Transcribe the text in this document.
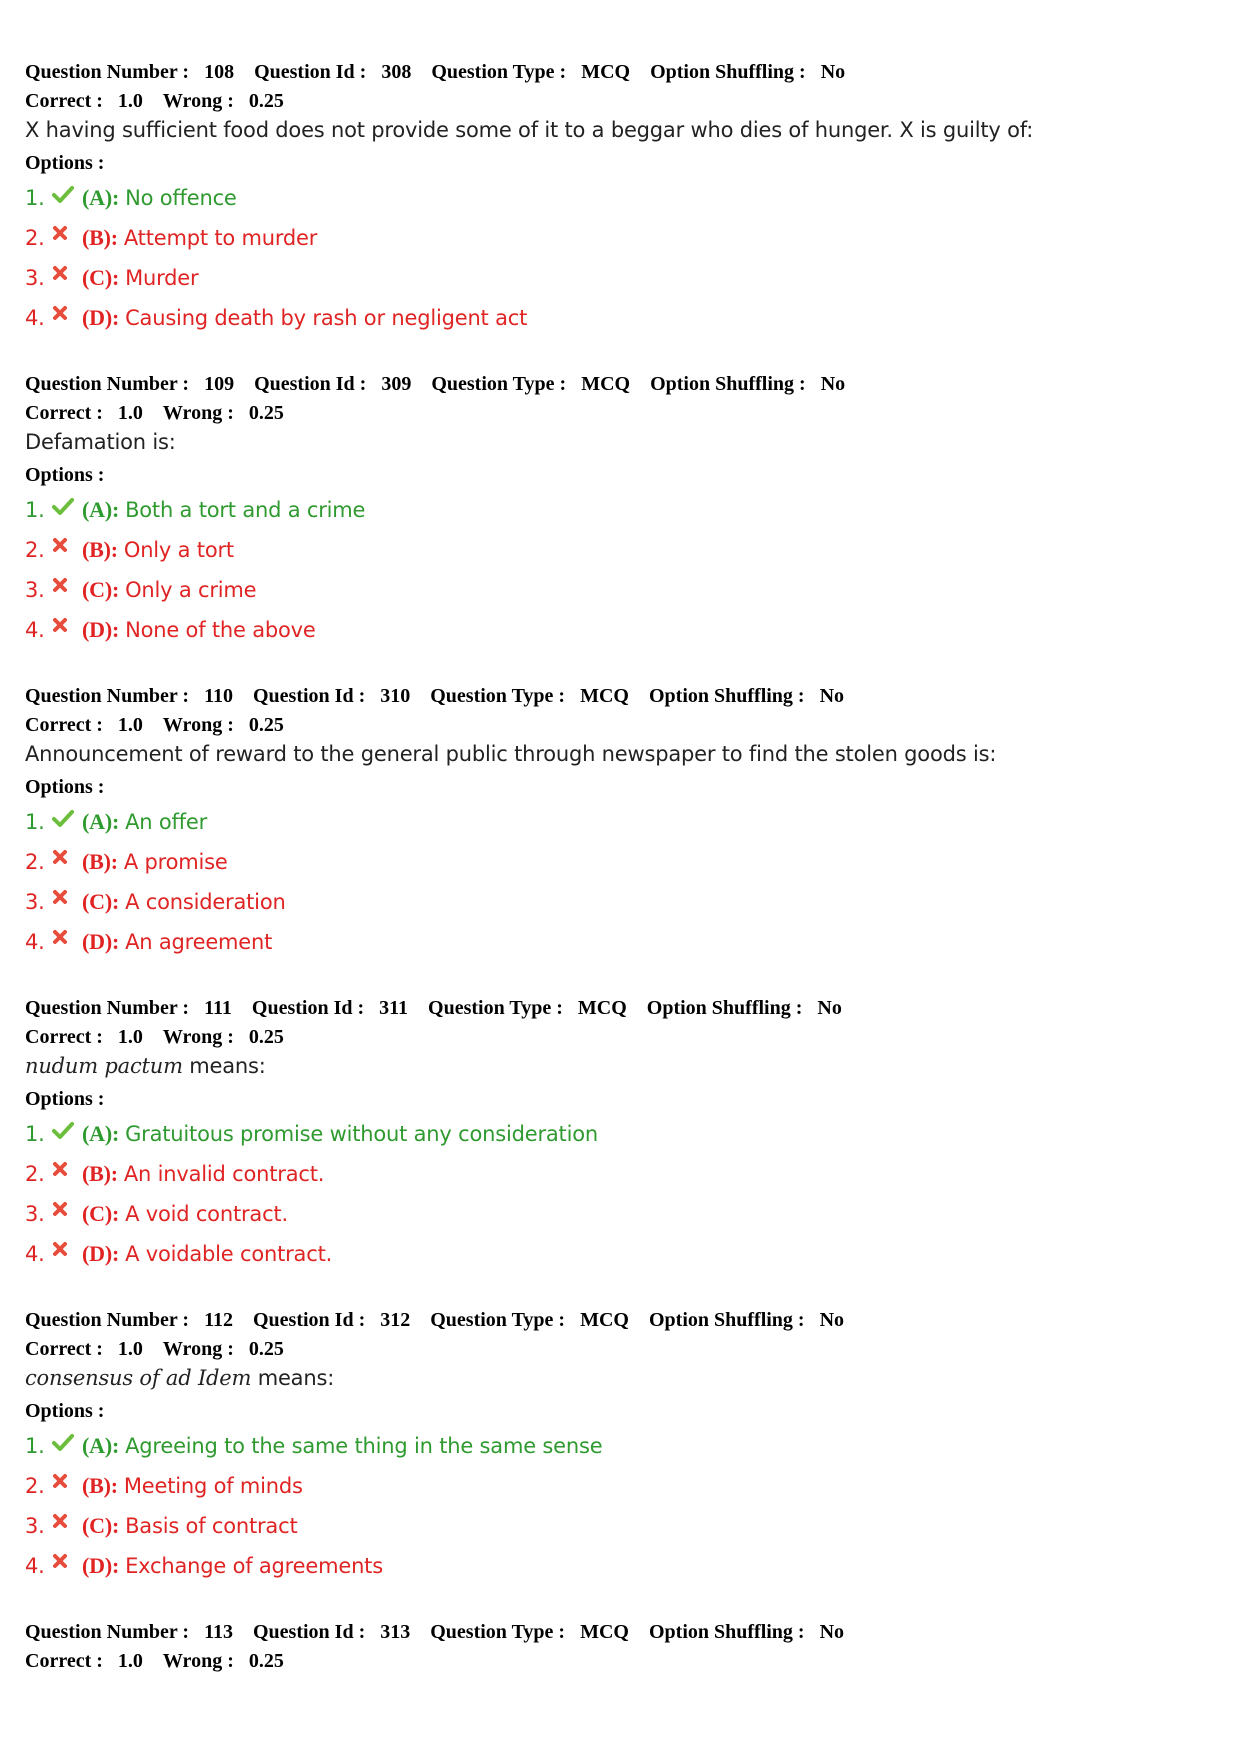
Question Number : 108 Question Id : 308 Question Type : MCQ Option Shuffling : No
Correct : 1.0 Wrong : 0.25
X having sufficient food does not provide some of it to a beggar who dies of hunger. X is guilty of:
Options :
1.	(A): No offence
2.	(B): Attempt to murder
3.	(C): Murder
4.	(D): Causing death by rash or negligent act
Question Number : 109 Question Id : 309 Question Type : MCQ Option Shuffling : No
Correct : 1.0 Wrong : 0.25
Defamation is:
Options :
1.	(A): Both a tort and a crime
2.	(B): Only a tort
3.	(C): Only a crime
4.	(D): None of the above
Question Number : 110 Question Id : 310 Question Type : MCQ Option Shuffling : No
Correct : 1.0 Wrong : 0.25
Announcement of reward to the general public through newspaper to find the stolen goods is:
Options :
1.	(A): An offer
2.	(B): A promise
3.	(C): A consideration
4.	(D): An agreement
Question Number : 111 Question Id : 311 Question Type : MCQ Option Shuffling : No
Correct : 1.0 Wrong : 0.25
nudum pactum means:
Options :
1.	(A): Gratuitous promise without any consideration
2.	(B): An invalid contract.
3.	(C): A void contract.
4.	(D): A voidable contract.
Question Number : 112 Question Id : 312 Question Type : MCQ Option Shuffling : No
Correct : 1.0 Wrong : 0.25
consensus of ad Idem means:
Options :
1.	(A): Agreeing to the same thing in the same sense
2.	(B): Meeting of minds
3.	(C): Basis of contract
4.	(D): Exchange of agreements
Question Number : 113 Question Id : 313 Question Type : MCQ Option Shuffling : No
Correct : 1.0 Wrong : 0.25
